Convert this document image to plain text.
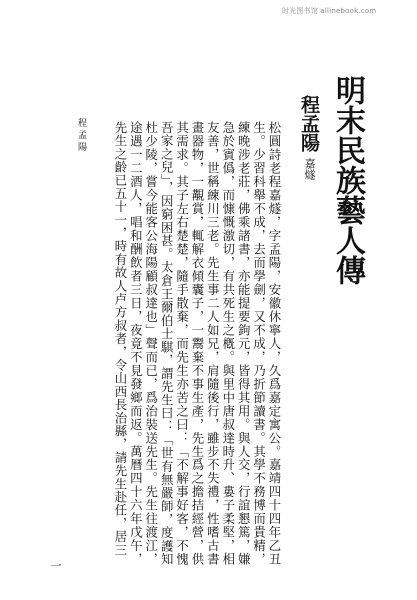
时光图书馆 allinebook.com
明末民族藝人傳
程孟陽嘉燧

松圓詩老程嘉燧，字孟陽，安徽休寧人，久爲嘉定寓公。嘉靖四十四年乙丑生。少習科舉不成，去而學劍，又不成，乃折節讀書。其學不務博而貴精，練晚涉老莊，佛乘諸書，亦能提要鉤元，皆得其用。與人交，行誼懇篤，嫌急於賓僞，而慷慨激切，有共死生之槪。與里中唐叔達時升、婁子柔堅，相友善，世稱練川三老。先生事二人如兄，肩隨後行，雖步不失禮，性嗜古書畫器物，一覯賞，輒解衣傾囊子，一鬻棄不事生產，先生爲之擔拮經營，供其需求。其子左右楚楚，隨手散棄，而先生亦苦之曰：「不解事好客，不愧吾家之兒」，因窮困甚。太倉王爾伯士騏，謂先生曰：「世有無嚴師，度護知杜少陵，嘗今能客公海陽顧叔達也」聲而已，爲治裝送先生。先生往渡江，途遇一二酒人，唱和酬飲者三日，夜竟不見發鄉而返。萬曆四十六年戊午，先生之齡已五十一，時有故人卢方叔者，令山西長治縣，請先生赴任，居三

程孟陽
一
